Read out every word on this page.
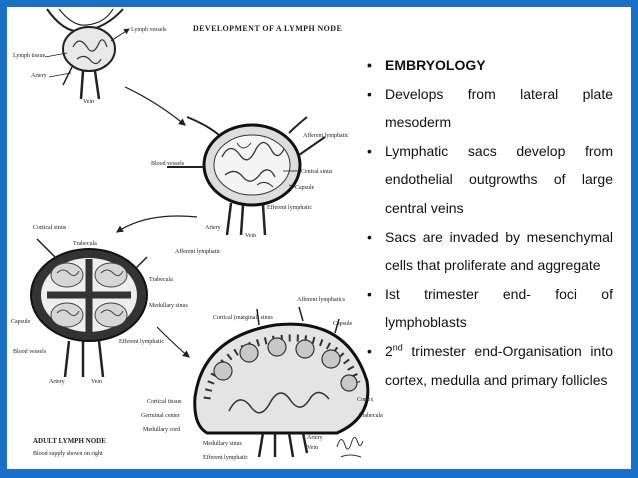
DEVELOPMENT OF A LYMPH NODE
Lymph vessels
Lymph tissue
Artery
Vein
Afferent lymphatic
Blood vessels
Central sinus
Capsule
Efferent lymphatic
Artery
Vein
Cortical sinus
Trabecula
Afferent lymphatic
Trabecula
Medullary sinus
Capsule
Efferent lymphatic
Blood vessels
Artery	Vein
Afferent lymphatics
Cortical (marginal) sinus
Capsule
Cortex
Trabecula
Cortical tissue
Germinal center
Medullary cord
Medullary sinus
Artery
Vein
Efferent lymphatic
ADULT LYMPH NODE
Blood supply shown on right
• EMBRYOLOGY
• Develops from lateral plate mesoderm
• Lymphatic sacs develop from endothelial outgrowths of large central veins
• Sacs are invaded by mesenchymal cells that proliferate and aggregate
• Ist trimester end- foci of lymphoblasts
• 2nd trimester end-Organisation into cortex, medulla and primary follicles
